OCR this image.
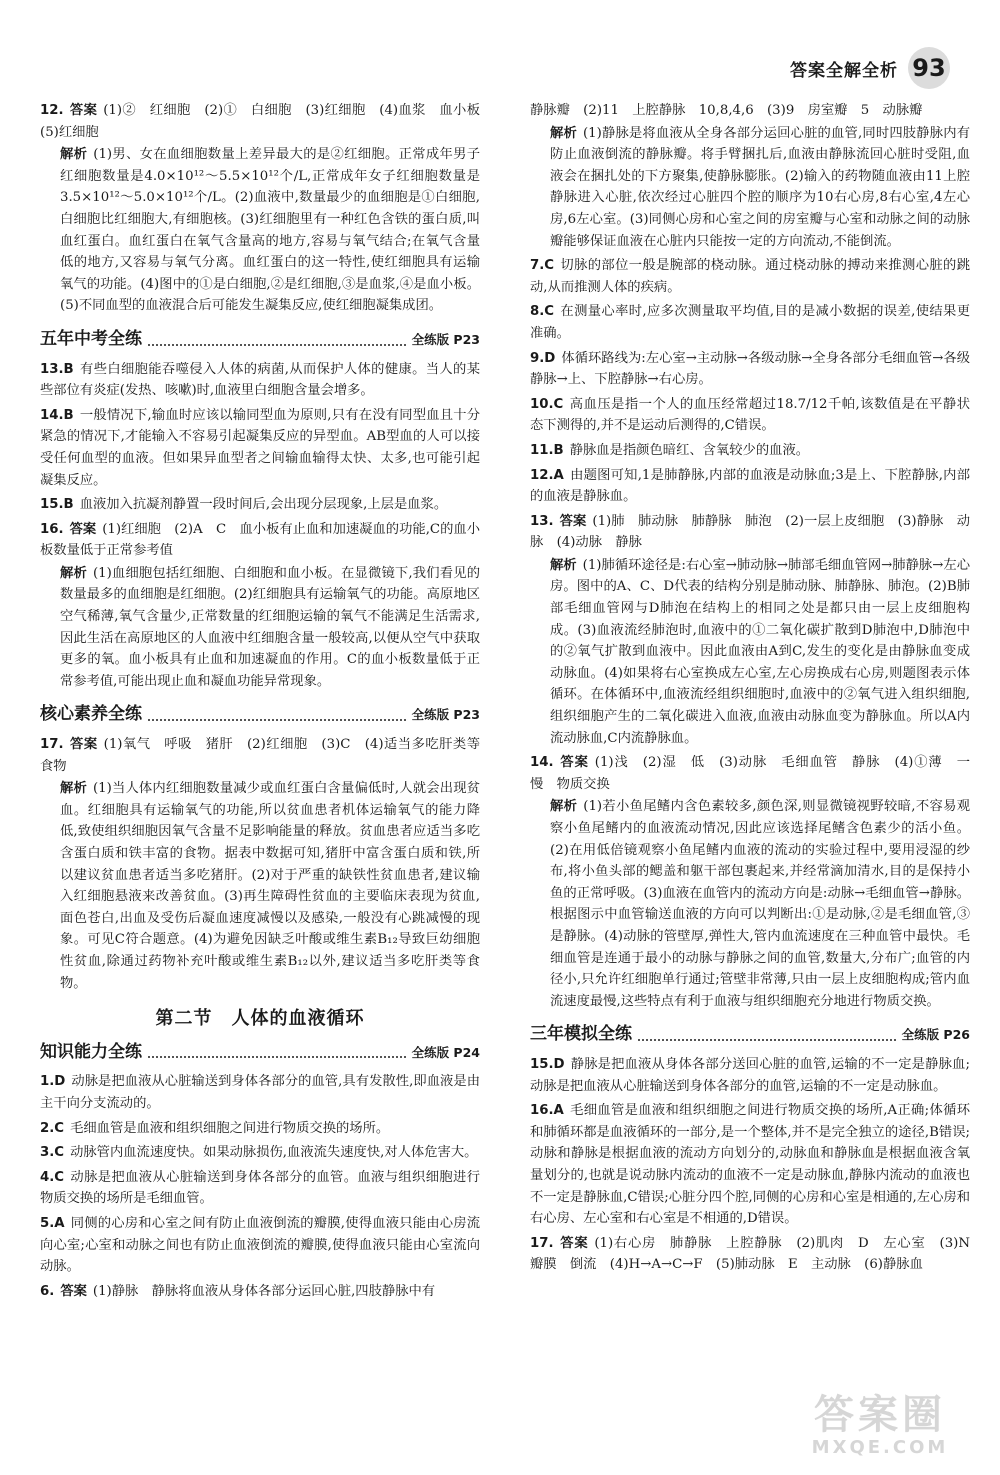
答案全解全析 93
12. 答案 (1)②　红细胞　(2)①　白细胞　(3)红细胞　(4)血浆　血小板　(5)红细胞
解析 (1)男、女在血细胞数量上差异最大的是②红细胞。正常成年男子红细胞数量是4.0×10¹²～5.5×10¹²个/L,正常成年女子红细胞数量是3.5×10¹²～5.0×10¹²个/L。(2)血液中,数量最少的血细胞是①白细胞,白细胞比红细胞大,有细胞核。(3)红细胞里有一种红色含铁的蛋白质,叫血红蛋白。血红蛋白在氧气含量高的地方,容易与氧气结合;在氧气含量低的地方,又容易与氧气分离。血红蛋白的这一特性,使红细胞具有运输氧气的功能。(4)图中的①是白细胞,②是红细胞,③是血浆,④是血小板。(5)不同血型的血液混合后可能发生凝集反应,使红细胞凝集成团。
五年中考全练	全练版 P23
13.B 有些白细胞能吞噬侵入人体的病菌,从而保护人体的健康。当人的某些部位有炎症(发热、咳嗽)时,血液里白细胞含量会增多。
14.B 一般情况下,输血时应该以输同型血为原则,只有在没有同型血且十分紧急的情况下,才能输入不容易引起凝集反应的异型血。AB型血的人可以接受任何血型的血液。但如果异血型者之间输血输得太快、太多,也可能引起凝集反应。
15.B 血液加入抗凝剂静置一段时间后,会出现分层现象,上层是血浆。
16. 答案 (1)红细胞　(2)A　C　血小板有止血和加速凝血的功能,C的血小板数量低于正常参考值
解析 (1)血细胞包括红细胞、白细胞和血小板。在显微镜下,我们看见的数量最多的血细胞是红细胞。(2)红细胞具有运输氧气的功能。高原地区空气稀薄,氧气含量少,正常数量的红细胞运输的氧气不能满足生活需求,因此生活在高原地区的人血液中红细胞含量一般较高,以便从空气中获取更多的氧。血小板具有止血和加速凝血的作用。C的血小板数量低于正常参考值,可能出现止血和凝血功能异常现象。
核心素养全练	全练版 P23
17. 答案 (1)氧气　呼吸　猪肝　(2)红细胞　(3)C　(4)适当多吃肝类等食物
解析 (1)当人体内红细胞数量减少或血红蛋白含量偏低时,人就会出现贫血。红细胞具有运输氧气的功能,所以贫血患者机体运输氧气的能力降低,致使组织细胞因氧气含量不足影响能量的释放。贫血患者应适当多吃含蛋白质和铁丰富的食物。据表中数据可知,猪肝中富含蛋白质和铁,所以建议贫血患者适当多吃猪肝。(2)对于严重的缺铁性贫血患者,建议输入红细胞悬液来改善贫血。(3)再生障碍性贫血的主要临床表现为贫血,面色苍白,出血及受伤后凝血速度减慢以及感染,一般没有心跳减慢的现象。可见C符合题意。(4)为避免因缺乏叶酸或维生素B₁₂导致巨幼细胞性贫血,除通过药物补充叶酸或维生素B₁₂以外,建议适当多吃肝类等食物。
第二节　人体的血液循环
知识能力全练	全练版 P24
1.D 动脉是把血液从心脏输送到身体各部分的血管,具有发散性,即血液是由主干向分支流动的。
2.C 毛细血管是血液和组织细胞之间进行物质交换的场所。
3.C 动脉管内血流速度快。如果动脉损伤,血液流失速度快,对人体危害大。
4.C 动脉是把血液从心脏输送到身体各部分的血管。血液与组织细胞进行物质交换的场所是毛细血管。
5.A 同侧的心房和心室之间有防止血液倒流的瓣膜,使得血液只能由心房流向心室;心室和动脉之间也有防止血液倒流的瓣膜,使得血液只能由心室流向动脉。
6. 答案 (1)静脉　静脉将血液从身体各部分运回心脏,四肢静脉中有
静脉瓣　(2)11　上腔静脉　10,8,4,6　(3)9　房室瓣　5　动脉瓣
解析 (1)静脉是将血液从全身各部分运回心脏的血管,同时四肢静脉内有防止血液倒流的静脉瓣。将手臂捆扎后,血液由静脉流回心脏时受阻,血液会在捆扎处的下方聚集,使静脉膨胀。(2)输入的药物随血液由11上腔静脉进入心脏,依次经过心脏四个腔的顺序为10右心房,8右心室,4左心房,6左心室。(3)同侧心房和心室之间的房室瓣与心室和动脉之间的动脉瓣能够保证血液在心脏内只能按一定的方向流动,不能倒流。
7.C 切脉的部位一般是腕部的桡动脉。通过桡动脉的搏动来推测心脏的跳动,从而推测人体的疾病。
8.C 在测量心率时,应多次测量取平均值,目的是减小数据的误差,使结果更准确。
9.D 体循环路线为:左心室→主动脉→各级动脉→全身各部分毛细血管→各级静脉→上、下腔静脉→右心房。
10.C 高血压是指一个人的血压经常超过18.7/12千帕,该数值是在平静状态下测得的,并不是运动后测得的,C错误。
11.B 静脉血是指颜色暗红、含氧较少的血液。
12.A 由题图可知,1是肺静脉,内部的血液是动脉血;3是上、下腔静脉,内部的血液是静脉血。
13. 答案 (1)肺　肺动脉　肺静脉　肺泡　(2)一层上皮细胞　(3)静脉　动脉　(4)动脉　静脉
解析 (1)肺循环途径是:右心室→肺动脉→肺部毛细血管网→肺静脉→左心房。图中的A、C、D代表的结构分别是肺动脉、肺静脉、肺泡。(2)B肺部毛细血管网与D肺泡在结构上的相同之处是都只由一层上皮细胞构成。(3)血液流经肺泡时,血液中的①二氧化碳扩散到D肺泡中,D肺泡中的②氧气扩散到血液中。因此血液由A到C,发生的变化是由静脉血变成动脉血。(4)如果将右心室换成左心室,左心房换成右心房,则题图表示体循环。在体循环中,血液流经组织细胞时,血液中的②氧气进入组织细胞,组织细胞产生的二氧化碳进入血液,血液由动脉血变为静脉血。所以A内流动脉血,C内流静脉血。
14. 答案 (1)浅　(2)湿　低　(3)动脉　毛细血管　静脉　(4)①薄　一　慢　物质交换
解析 (1)若小鱼尾鳍内含色素较多,颜色深,则显微镜视野较暗,不容易观察小鱼尾鳍内的血液流动情况,因此应该选择尾鳍含色素少的活小鱼。(2)在用低倍镜观察小鱼尾鳍内血液的流动的实验过程中,要用浸湿的纱布,将小鱼头部的鳃盖和躯干部包裹起来,并经常滴加清水,目的是保持小鱼的正常呼吸。(3)血液在血管内的流动方向是:动脉→毛细血管→静脉。根据图示中血管输送血液的方向可以判断出:①是动脉,②是毛细血管,③是静脉。(4)动脉的管壁厚,弹性大,管内血流速度在三种血管中最快。毛细血管是连通于最小的动脉与静脉之间的血管,数量大,分布广;血管的内径小,只允许红细胞单行通过;管壁非常薄,只由一层上皮细胞构成;管内血流速度最慢,这些特点有利于血液与组织细胞充分地进行物质交换。
三年模拟全练	全练版 P26
15.D 静脉是把血液从身体各部分送回心脏的血管,运输的不一定是静脉血;动脉是把血液从心脏输送到身体各部分的血管,运输的不一定是动脉血。
16.A 毛细血管是血液和组织细胞之间进行物质交换的场所,A正确;体循环和肺循环都是血液循环的一部分,是一个整体,并不是完全独立的途径,B错误;动脉和静脉是根据血液的流动方向划分的,动脉血和静脉血是根据血液含氧量划分的,也就是说动脉内流动的血液不一定是动脉血,静脉内流动的血液也不一定是静脉血,C错误;心脏分四个腔,同侧的心房和心室是相通的,左心房和右心房、左心室和右心室是不相通的,D错误。
17. 答案 (1)右心房　肺静脉　上腔静脉　(2)肌肉　D　左心室　(3)N　瓣膜　倒流　(4)H→A→C→F　(5)肺动脉　E　主动脉　(6)静脉血
答案圈
MXQE.COM
